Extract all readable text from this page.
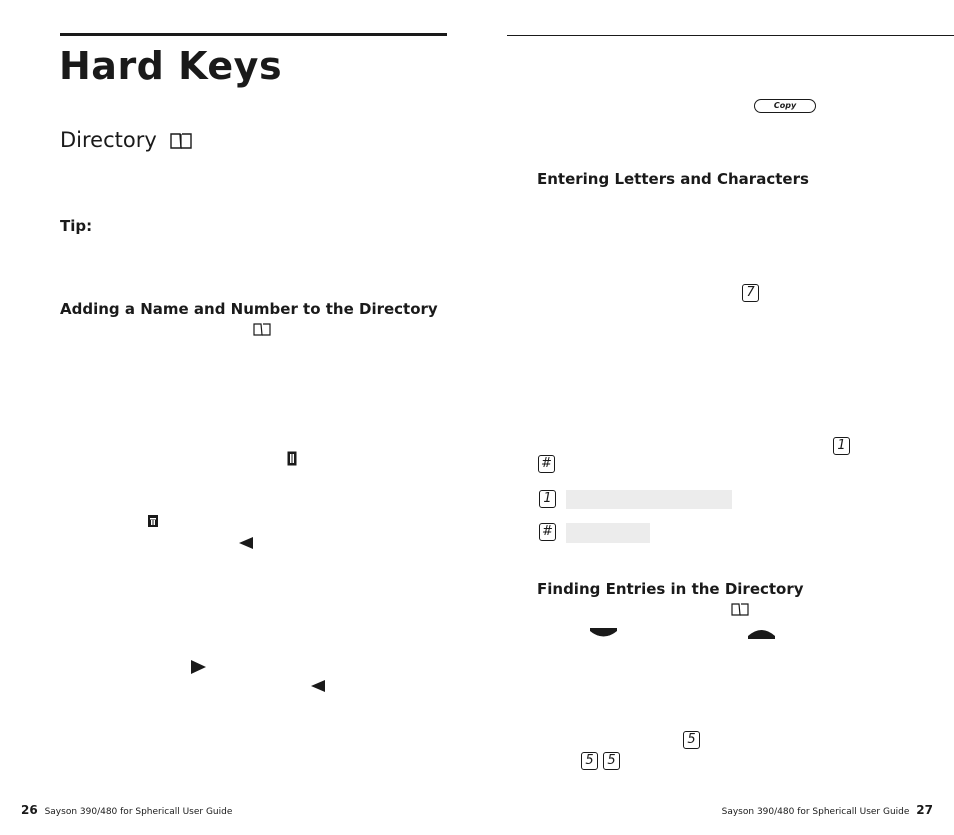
Hard Keys
Directory
Tip:
Adding a Name and Number to the Directory
26 Sayson 390/480 for Sphericall User Guide
Copy
Entering Letters and Characters
7
1
#
1
#
Finding Entries in the Directory
5
5	5
Sayson 390/480 for Sphericall User Guide 27
